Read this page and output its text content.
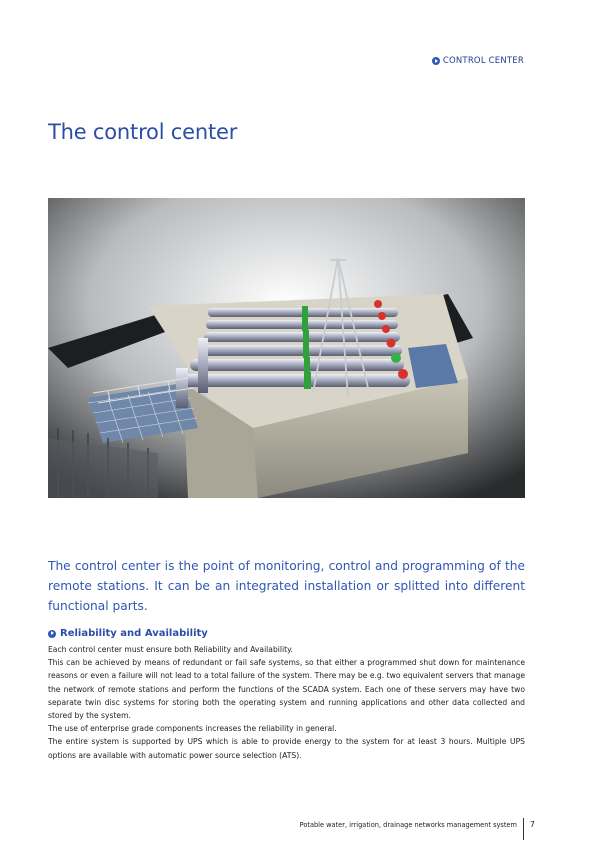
CONTROL CENTER
The control center

The control center is the point of monitoring, control and programming of the remote stations. It can be an integrated installation or splitted into different functional parts.

Reliability and Availability

Each control center must ensure both Reliability and Availability.

This can be achieved by means of redundant or fail safe systems, so that either a programmed shut down for maintenance reasons or even a failure will not lead to a total failure of the system. There may be e.g. two equivalent servers that manage the network of remote stations and perform the functions of the SCADA system. Each one of these servers may have two separate twin disc systems for storing both the operating system and running applications and other data collected and stored by the system.

The use of enterprise grade components increases the reliability in general.

The entire system is supported by UPS which is able to provide energy to the system for at least 3 hours. Multiple UPS options are available with automatic power source selection (ATS).

Potable water, irrigation, drainage networks management system 7
